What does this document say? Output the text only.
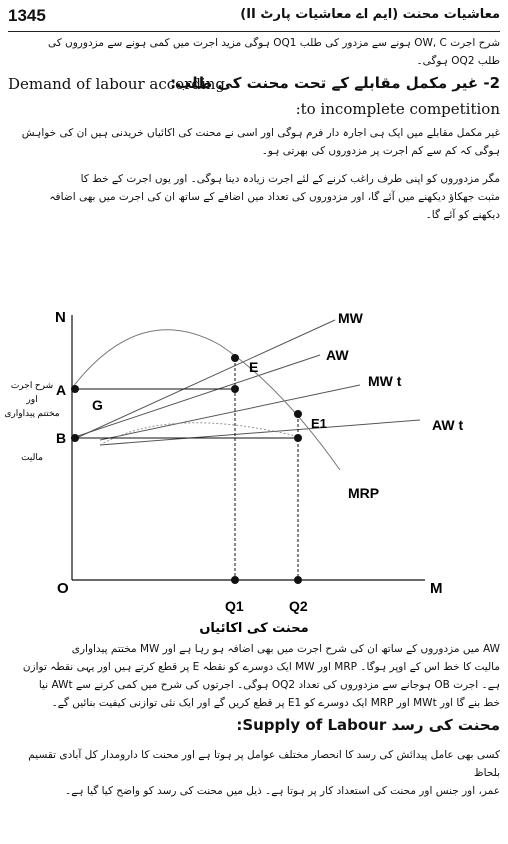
1345	معاشیات محنت (ایم اے معاشیات پارٹ II)
شرح اجرت OW, C ہونے سے مزدور کی طلب OQ1 ہوگی مزید اجرت میں کمی ہونے سے مزدوروں کی
طلب OQ2 ہوگی۔
2- غیر مکمل مقابلے کے تحت محنت کی طلب:
Demand of labour according
:to incomplete competition
غیر مکمل مقابلے میں ایک ہی اجارہ دار فرم ہوگی اور اسی نے محنت کی اکائیاں خریدنی ہیں ان کی خواہش
ہوگی کہ کم سے کم اجرت پر مزدوروں کی بھرتی ہو۔
مگر مزدوروں کو اپنی طرف راغب کرنے کے لئے اجرت زیادہ دینا ہوگی۔ اور یوں اجرت کے خط کا
مثبت جھکاؤ دیکھنے میں آئے گا، اور مزدوروں کی تعداد میں اضافے کے ساتھ ان کی اجرت میں بھی اضافہ
دیکھنے کو آئے گا۔
N
O	M
A
B
G
E
E1
MW
AW
MW t
AW t
MRP
Q1	Q2
شرح اجرت
اور
مختتم پیداواری
مالیت
محنت کی اکائیاں
AW میں مزدوروں کے ساتھ ان کی شرح اجرت میں بھی اضافہ ہو رہا ہے اور MW مختتم پیداواری
مالیت کا خط اس کے اوپر ہوگا۔ MRP اور MW ایک دوسرے کو نقطہ E پر قطع کرتے ہیں اور یہی نقطہ توازن
ہے۔ اجرت OB ہوجانے سے مزدوروں کی تعداد OQ2 ہوگی۔ اجرتوں کی شرح میں کمی کرنے سے AWt نیا
خط بنے گا اور MWt اور MRP ایک دوسرے کو E1 پر قطع کریں گے اور ایک نئی توازنی کیفیت بنائیں گے۔
محنت کی رسد Supply of Labour:
کسی بھی عامل پیدائش کی رسد کا انحصار مختلف عوامل پر ہوتا ہے اور محنت کا دارومدار کل آبادی تقسیم بلحاظ
عمر، اور جنس اور محنت کی استعداد کار پر ہوتا ہے۔ ذیل میں محنت کی رسد کو واضح کیا گیا ہے۔
